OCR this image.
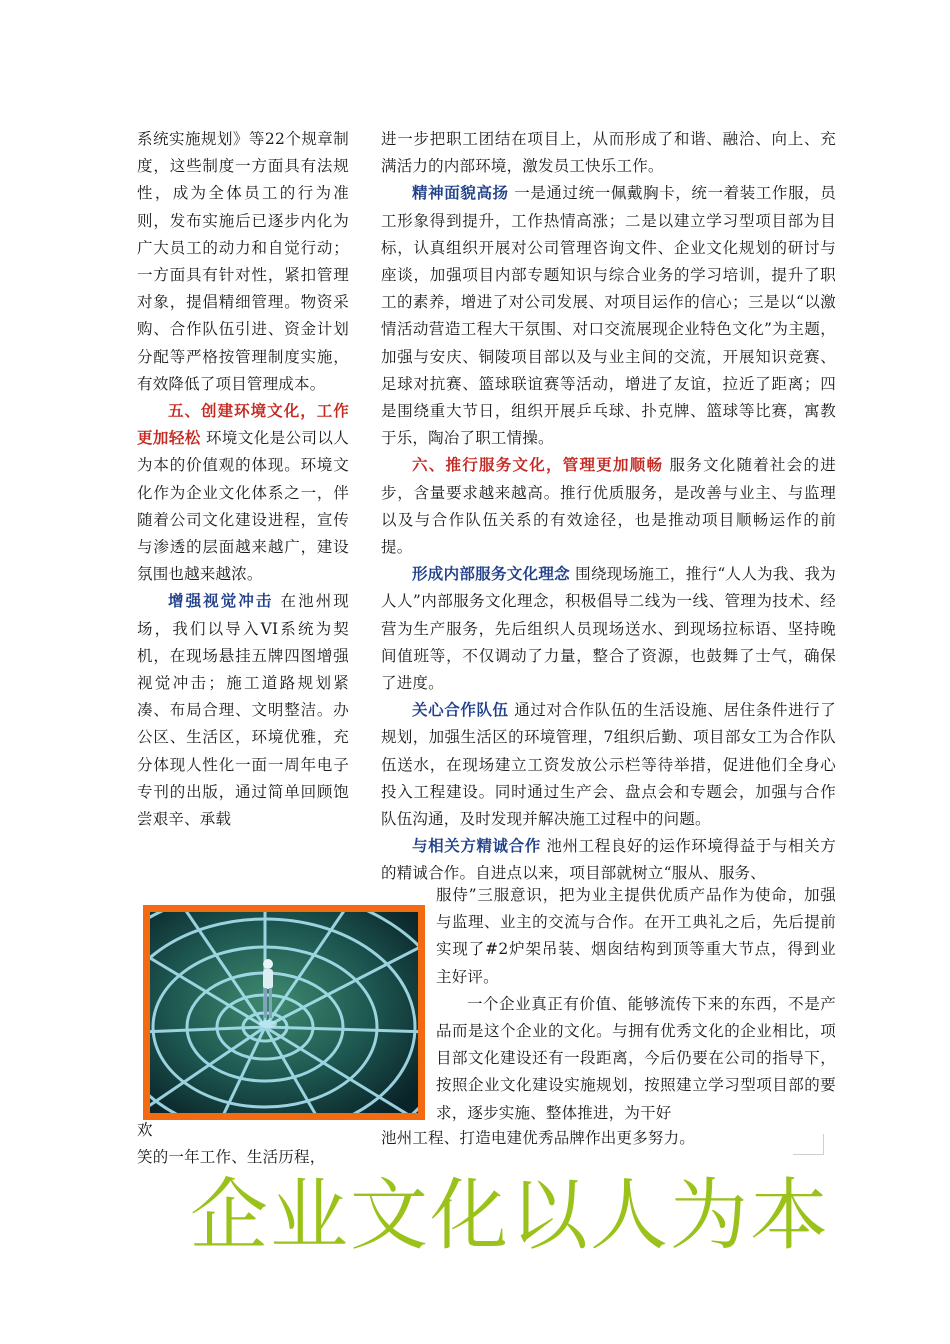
系统实施规划》等22个规章制度，这些制度一方面具有法规性，成为全体员工的行为准则，发布实施后已逐步内化为广大员工的动力和自觉行动；一方面具有针对性，紧扣管理对象，提倡精细管理。物资采购、合作队伍引进、资金计划分配等严格按管理制度实施，有效降低了项目管理成本。

五、创建环境文化，工作更加轻松 环境文化是公司以人为本的价值观的体现。环境文化作为企业文化体系之一，伴随着公司文化建设进程，宣传与渗透的层面越来越广，建设氛围也越来越浓。

增强视觉冲击 在池州现场，我们以导入VI系统为契机，在现场悬挂五牌四图增强视觉冲击；施工道路规划紧凑、布局合理、文明整洁。办公区、生活区，环境优雅，充分体现人性化一面一周年电子专刊的出版，通过简单回顾饱尝艰辛、承载

欢

笑的一年工作、生活历程，

进一步把职工团结在项目上，从而形成了和谐、融洽、向上、充满活力的内部环境，激发员工快乐工作。

精神面貌高扬 一是通过统一佩戴胸卡，统一着装工作服，员工形象得到提升，工作热情高涨；二是以建立学习型项目部为目标，认真组织开展对公司管理咨询文件、企业文化规划的研讨与座谈，加强项目内部专题知识与综合业务的学习培训，提升了职工的素养，增进了对公司发展、对项目运作的信心；三是以“以激情活动营造工程大干氛围、对口交流展现企业特色文化”为主题，加强与安庆、铜陵项目部以及与业主间的交流，开展知识竞赛、足球对抗赛、篮球联谊赛等活动，增进了友谊，拉近了距离；四是围绕重大节日，组织开展乒乓球、扑克牌、篮球等比赛，寓教于乐，陶冶了职工情操。

六、推行服务文化，管理更加顺畅 服务文化随着社会的进步，含量要求越来越高。推行优质服务，是改善与业主、与监理以及与合作队伍关系的有效途径，也是推动项目顺畅运作的前提。

形成内部服务文化理念 围绕现场施工，推行“人人为我、我为人人”内部服务文化理念，积极倡导二线为一线、管理为技术、经营为生产服务，先后组织人员现场送水、到现场拉标语、坚持晚间值班等，不仅调动了力量，整合了资源，也鼓舞了士气，确保了进度。

关心合作队伍 通过对合作队伍的生活设施、居住条件进行了规划，加强生活区的环境管理，7组织后勤、项目部女工为合作队伍送水，在现场建立工资发放公示栏等待举措，促进他们全身心投入工程建设。同时通过生产会、盘点会和专题会，加强与合作队伍沟通，及时发现并解决施工过程中的问题。

与相关方精诚合作 池州工程良好的运作环境得益于与相关方的精诚合作。自进点以来，项目部就树立“服从、服务、

服侍”三服意识，把为业主提供优质产品作为使命，加强与监理、业主的交流与合作。在开工典礼之后，先后提前实现了#2炉架吊装、烟囱结构到顶等重大节点，得到业主好评。

一个企业真正有价值、能够流传下来的东西，不是产品而是这个企业的文化。与拥有优秀文化的企业相比，项目部文化建设还有一段距离，今后仍要在公司的指导下，按照企业文化建设实施规划，按照建立学习型项目部的要求，逐步实施、整体推进，为干好

池州工程、打造电建优秀品牌作出更多努力。

企业文化以人为本
